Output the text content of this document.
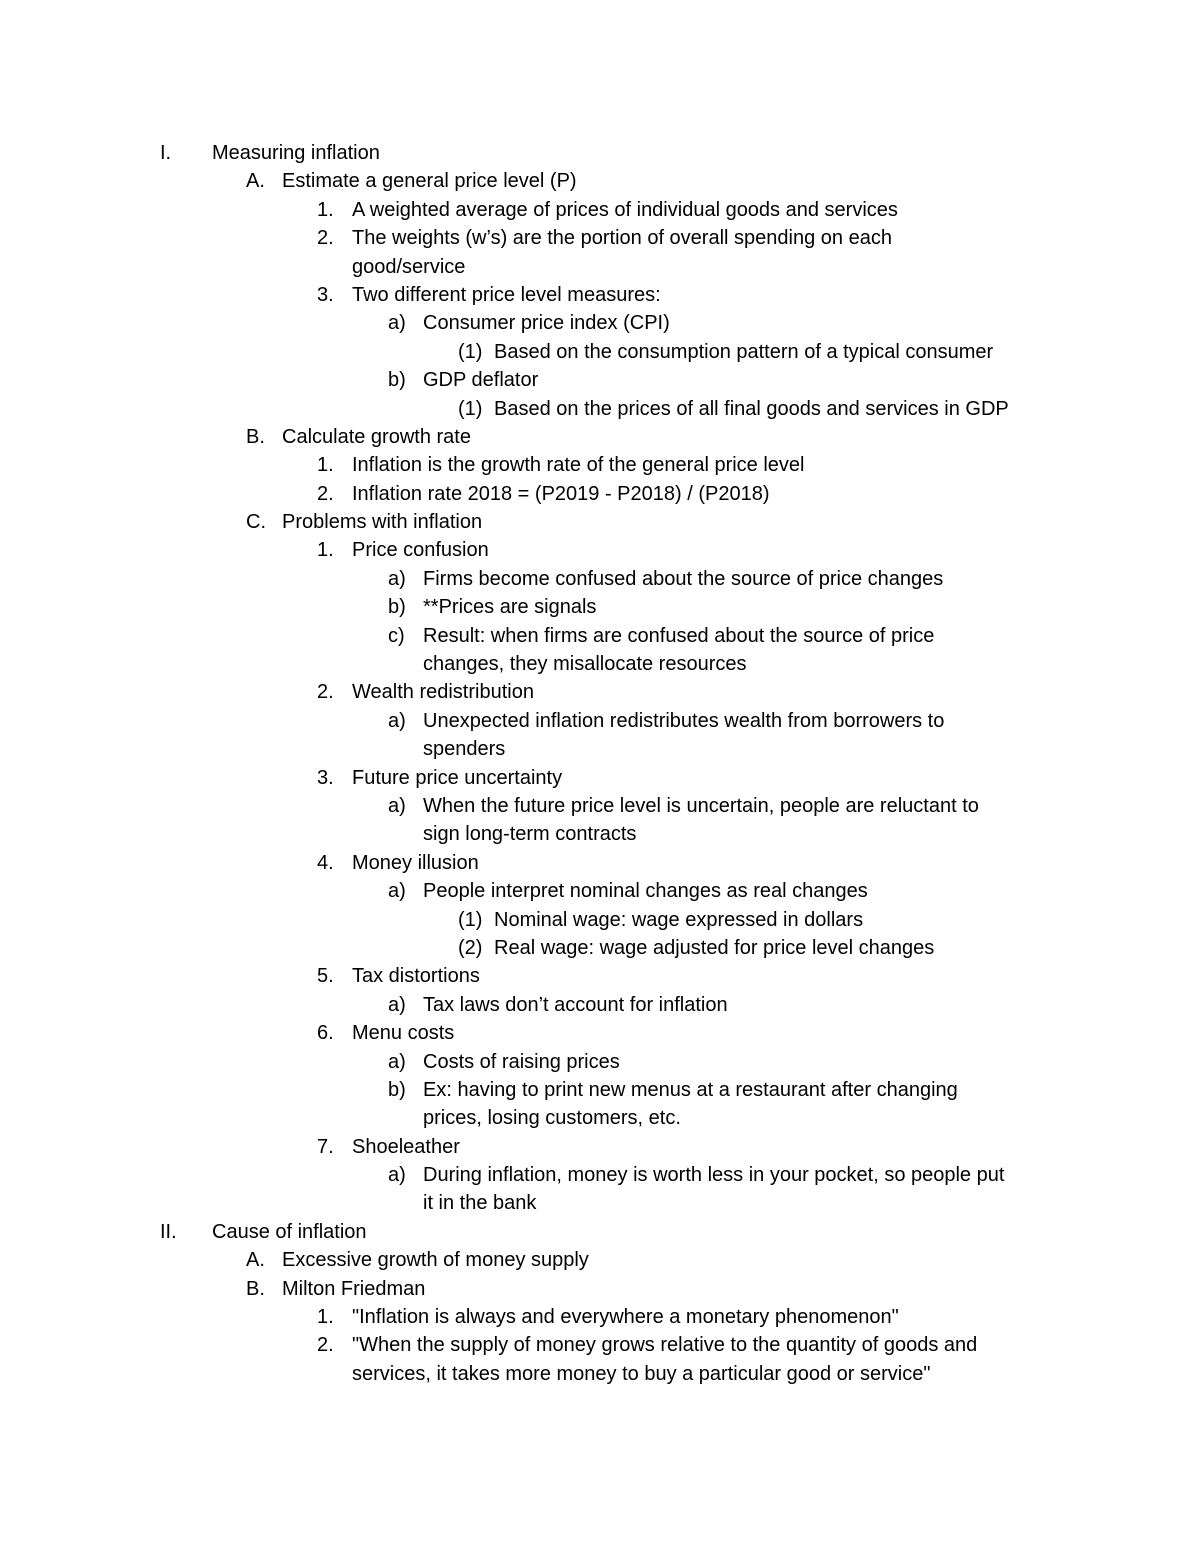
I. Measuring inflation
A. Estimate a general price level (P)
1. A weighted average of prices of individual goods and services
2. The weights (w’s) are the portion of overall spending on each
good/service
3. Two different price level measures:
a) Consumer price index (CPI)
(1) Based on the consumption pattern of a typical consumer
b) GDP deflator
(1) Based on the prices of all final goods and services in GDP
B. Calculate growth rate
1. Inflation is the growth rate of the general price level
2. Inflation rate 2018 = (P2019 - P2018) / (P2018)
C. Problems with inflation
1. Price confusion
a) Firms become confused about the source of price changes
b) **Prices are signals
c) Result: when firms are confused about the source of price
changes, they misallocate resources
2. Wealth redistribution
a) Unexpected inflation redistributes wealth from borrowers to
spenders
3. Future price uncertainty
a) When the future price level is uncertain, people are reluctant to
sign long-term contracts
4. Money illusion
a) People interpret nominal changes as real changes
(1) Nominal wage: wage expressed in dollars
(2) Real wage: wage adjusted for price level changes
5. Tax distortions
a) Tax laws don’t account for inflation
6. Menu costs
a) Costs of raising prices
b) Ex: having to print new menus at a restaurant after changing
prices, losing customers, etc.
7. Shoeleather
a) During inflation, money is worth less in your pocket, so people put
it in the bank
II. Cause of inflation
A. Excessive growth of money supply
B. Milton Friedman
1. "Inflation is always and everywhere a monetary phenomenon"
2. "When the supply of money grows relative to the quantity of goods and
services, it takes more money to buy a particular good or service"
